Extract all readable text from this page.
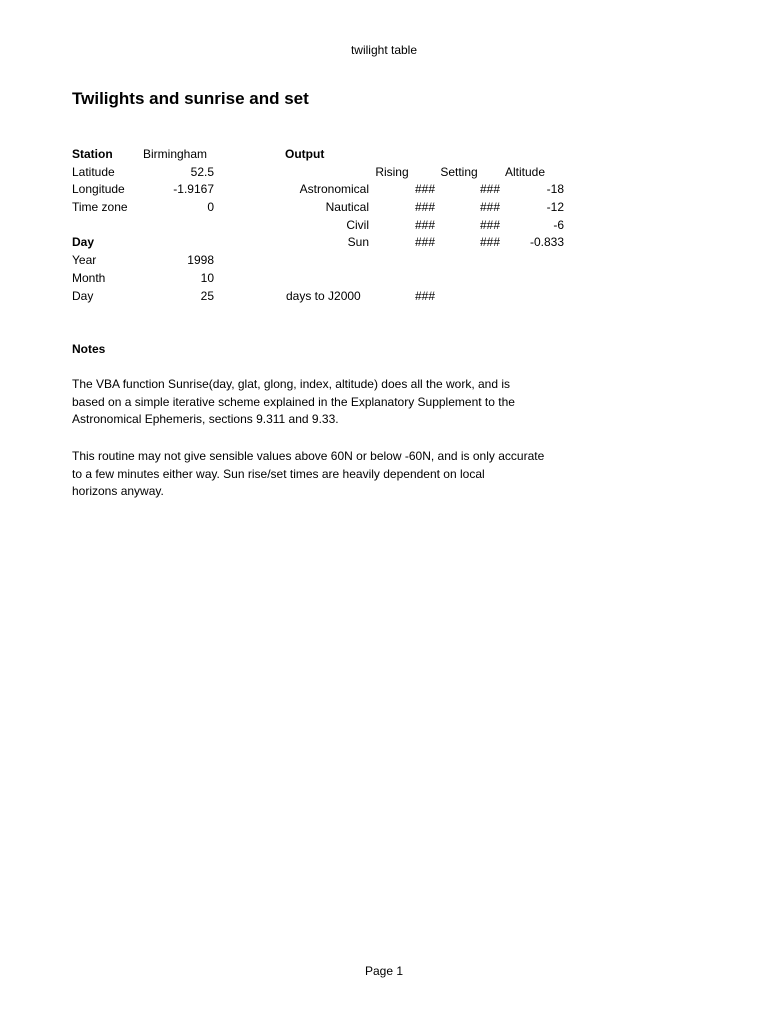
twilight table
Twilights and sunrise and set
Station	Birmingham
Latitude	52.5
Longitude	-1.9167
Time zone	0
Day
Year	1998
Month	10
Day	25
Output
Rising	Setting	Altitude
Astronomical	###	###	-18
Nautical	###	###	-12
Civil	###	###	-6
Sun	###	###	-0.833
days to J2000	###
Notes
The VBA function Sunrise(day, glat, glong, index, altitude) does all the work, and is
based on a simple iterative scheme explained in the Explanatory Supplement to the
Astronomical Ephemeris, sections 9.311 and 9.33.
This routine may not give sensible values above 60N or below -60N, and is only accurate
to a few minutes either way. Sun rise/set times are heavily dependent on local
horizons anyway.
Page 1
